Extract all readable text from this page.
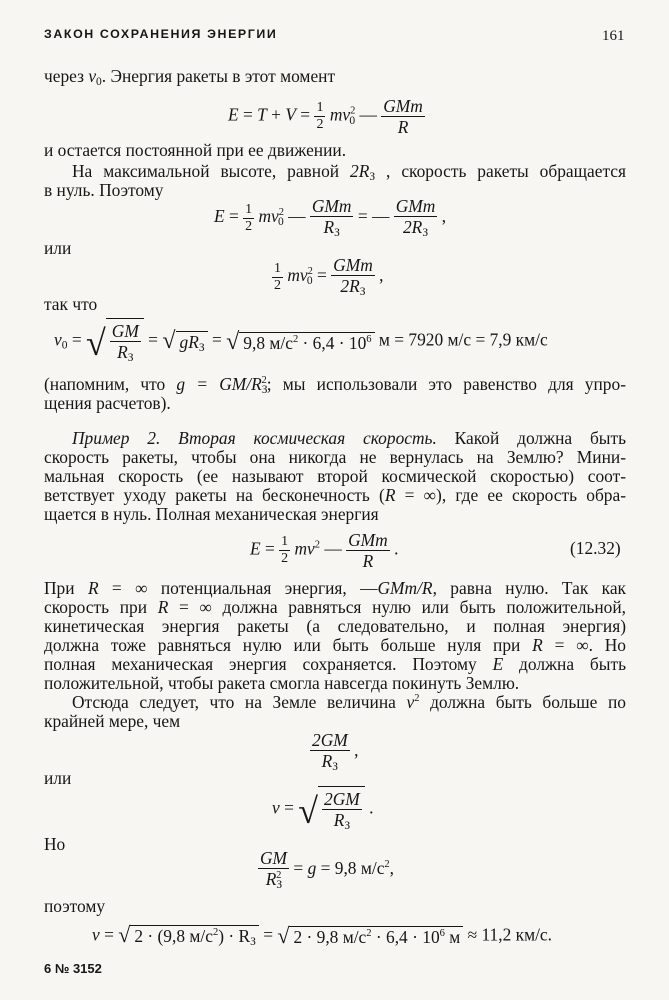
ЗАКОН СОХРАНЕНИЯ ЭНЕРГИИ	161
через $v_0$. Энергия ракеты в этот момент
$E = T + V = \frac{1}{2} mv^2_0$ — $\frac{\text{GMm}}{R}$
и остается постоянной при ее движении.
На максимальной высоте, равной $2R_З$ , скорость ракеты обращается
в нуль. Поэтому
$E = \frac{1}{2} mv^2_0$ — $\frac{\text{GMm}}{R_З}$ = — $\frac{\text{GMm}}{2R_З}$ ,
или
$\frac{1}{2} mv^2_0 = \frac{\text{GMm}}{2R_З}$ ,
так что
$v_0$ = √ $\frac{GM}{R_З}$ = √ $gR_З$ = √ 9,8 $м/с^2 \cdot 6,4 \cdot 10^6$ м = 7920 м/с = 7,9 км/с
(напомним, что $g = GM/R_З^2$; мы использовали это равенство для упро-
щения расчетов).
Пример 2. Вторая космическая скорость. Какой должна быть
скорость ракеты, чтобы она никогда не вернулась на Землю? Мини-
мальная скорость (ее называют второй космической скоростью) соот-
ветствует уходу ракеты на бесконечность (R = ∞), где ее скорость обра-
щается в нуль. Полная механическая энергия
$E = \frac{1}{2} mv^2$ — $\frac{\text{GMm}}{R}$ .	(12.32)
При R = ∞ потенциальная энергия, —GMm/R, равна нулю. Так как
скорость при R = ∞ должна равняться нулю или быть положительной,
кинетическая энергия ракеты (а следовательно, и полная энергия)
должна тоже равняться нулю или быть больше нуля при R = ∞. Но
полная механическая энергия сохраняется. Поэтому E должна быть
положительной, чтобы ракета смогла навсегда покинуть Землю.
Отсюда следует, что на Земле величина $v^2$ должна быть больше по
крайней мере, чем
$\frac{2GM}{R_З}$ ,
или
v = √ $\frac{2GM}{R_З}$ .
Но
$\frac{GM}{R_З^2} = g = 9,8$ $м/с^2$,
поэтому
v = √ 2 · (9,8 $м/с^2) \cdot R_З$ = √ 2 · 9,8 $м/с^2 \cdot 6,4 \cdot 10^6$ м ≈ 11,2 км/с.
6 № 3152
